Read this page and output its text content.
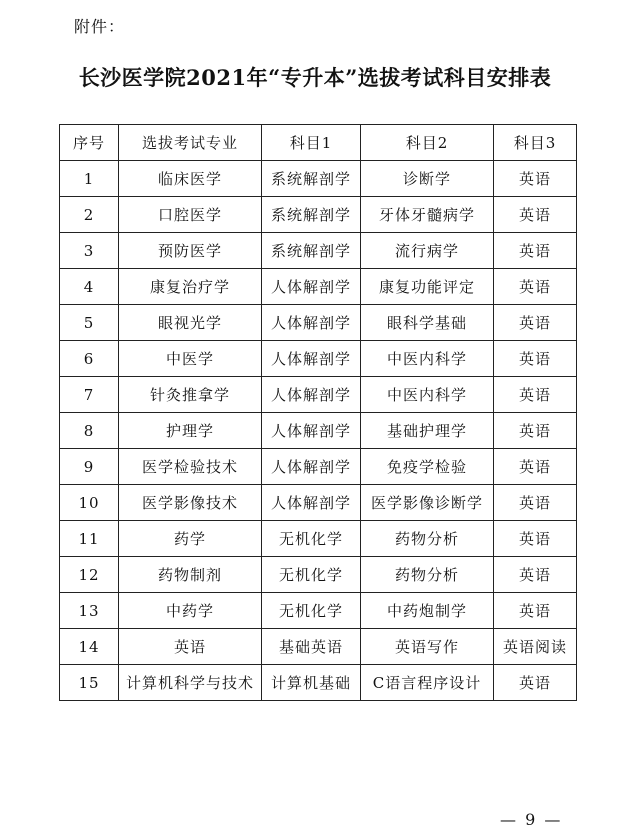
附件：
长沙医学院2021年“专升本”选拔考试科目安排表
序号	选拔考试专业	科目1	科目2	科目3
1	临床医学	系统解剖学	诊断学	英语
2	口腔医学	系统解剖学	牙体牙髓病学	英语
3	预防医学	系统解剖学	流行病学	英语
4	康复治疗学	人体解剖学	康复功能评定	英语
5	眼视光学	人体解剖学	眼科学基础	英语
6	中医学	人体解剖学	中医内科学	英语
7	针灸推拿学	人体解剖学	中医内科学	英语
8	护理学	人体解剖学	基础护理学	英语
9	医学检验技术	人体解剖学	免疫学检验	英语
10	医学影像技术	人体解剖学	医学影像诊断学	英语
11	药学	无机化学	药物分析	英语
12	药物制剂	无机化学	药物分析	英语
13	中药学	无机化学	中药炮制学	英语
14	英语	基础英语	英语写作	英语阅读
15	计算机科学与技术	计算机基础	C语言程序设计	英语
— 9 —
